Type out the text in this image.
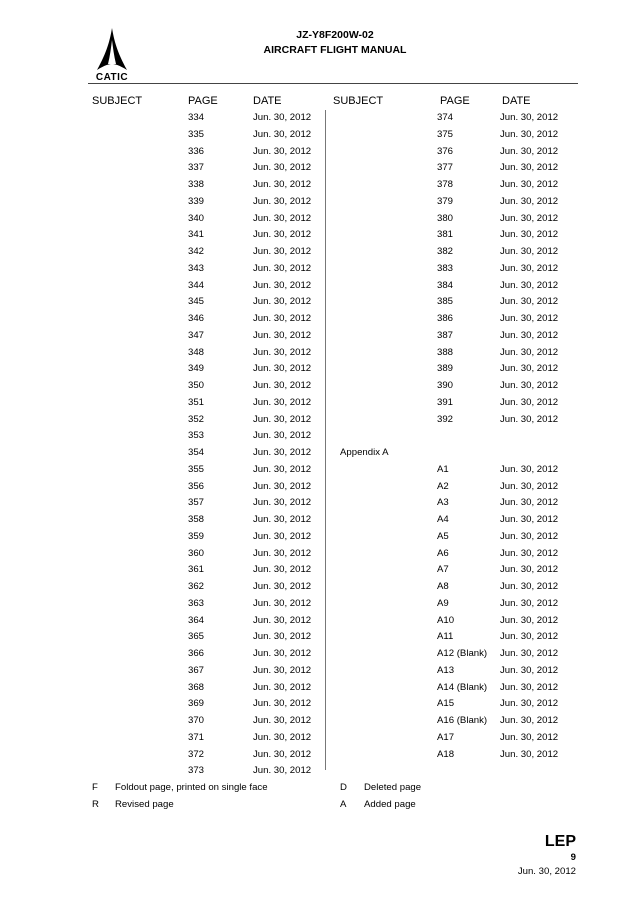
CATIC
JZ-Y8F200W-02
AIRCRAFT FLIGHT MANUAL
SUBJECT	PAGE	DATE	SUBJECT	PAGE	DATE
334	Jun. 30, 2012
335	Jun. 30, 2012
336	Jun. 30, 2012
337	Jun. 30, 2012
338	Jun. 30, 2012
339	Jun. 30, 2012
340	Jun. 30, 2012
341	Jun. 30, 2012
342	Jun. 30, 2012
343	Jun. 30, 2012
344	Jun. 30, 2012
345	Jun. 30, 2012
346	Jun. 30, 2012
347	Jun. 30, 2012
348	Jun. 30, 2012
349	Jun. 30, 2012
350	Jun. 30, 2012
351	Jun. 30, 2012
352	Jun. 30, 2012
353	Jun. 30, 2012
354	Jun. 30, 2012
355	Jun. 30, 2012
356	Jun. 30, 2012
357	Jun. 30, 2012
358	Jun. 30, 2012
359	Jun. 30, 2012
360	Jun. 30, 2012
361	Jun. 30, 2012
362	Jun. 30, 2012
363	Jun. 30, 2012
364	Jun. 30, 2012
365	Jun. 30, 2012
366	Jun. 30, 2012
367	Jun. 30, 2012
368	Jun. 30, 2012
369	Jun. 30, 2012
370	Jun. 30, 2012
371	Jun. 30, 2012
372	Jun. 30, 2012
373	Jun. 30, 2012
374	Jun. 30, 2012
375	Jun. 30, 2012
376	Jun. 30, 2012
377	Jun. 30, 2012
378	Jun. 30, 2012
379	Jun. 30, 2012
380	Jun. 30, 2012
381	Jun. 30, 2012
382	Jun. 30, 2012
383	Jun. 30, 2012
384	Jun. 30, 2012
385	Jun. 30, 2012
386	Jun. 30, 2012
387	Jun. 30, 2012
388	Jun. 30, 2012
389	Jun. 30, 2012
390	Jun. 30, 2012
391	Jun. 30, 2012
392	Jun. 30, 2012
Appendix A
A1	Jun. 30, 2012
A2	Jun. 30, 2012
A3	Jun. 30, 2012
A4	Jun. 30, 2012
A5	Jun. 30, 2012
A6	Jun. 30, 2012
A7	Jun. 30, 2012
A8	Jun. 30, 2012
A9	Jun. 30, 2012
A10	Jun. 30, 2012
A11	Jun. 30, 2012
A12 (Blank) Jun. 30, 2012
A13	Jun. 30, 2012
A14 (Blank) Jun. 30, 2012
A15	Jun. 30, 2012
A16 (Blank) Jun. 30, 2012
A17	Jun. 30, 2012
A18	Jun. 30, 2012
F Foldout page, printed on single face
R Revised page
D Deleted page
A Added page
LEP
9
Jun. 30, 2012
